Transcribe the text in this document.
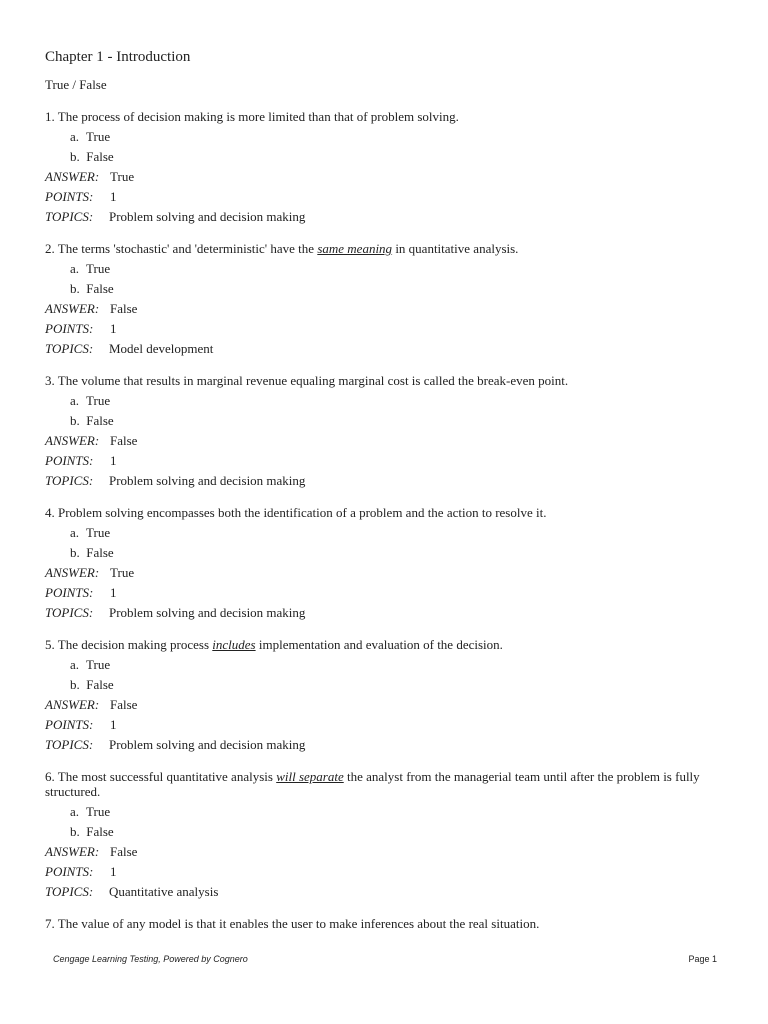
Chapter 1 - Introduction
True / False
1. The process of decision making is more limited than that of problem solving.
a. True
b. False
ANSWER: True
POINTS: 1
TOPICS: Problem solving and decision making
2. The terms 'stochastic' and 'deterministic' have the same meaning in quantitative analysis.
a. True
b. False
ANSWER: False
POINTS: 1
TOPICS: Model development
3. The volume that results in marginal revenue equaling marginal cost is called the break-even point.
a. True
b. False
ANSWER: False
POINTS: 1
TOPICS: Problem solving and decision making
4. Problem solving encompasses both the identification of a problem and the action to resolve it.
a. True
b. False
ANSWER: True
POINTS: 1
TOPICS: Problem solving and decision making
5. The decision making process includes implementation and evaluation of the decision.
a. True
b. False
ANSWER: False
POINTS: 1
TOPICS: Problem solving and decision making
6. The most successful quantitative analysis will separate the analyst from the managerial team until after the problem is fully structured.
a. True
b. False
ANSWER: False
POINTS: 1
TOPICS: Quantitative analysis
7. The value of any model is that it enables the user to make inferences about the real situation.
Cengage Learning Testing, Powered by Cognero	Page 1
